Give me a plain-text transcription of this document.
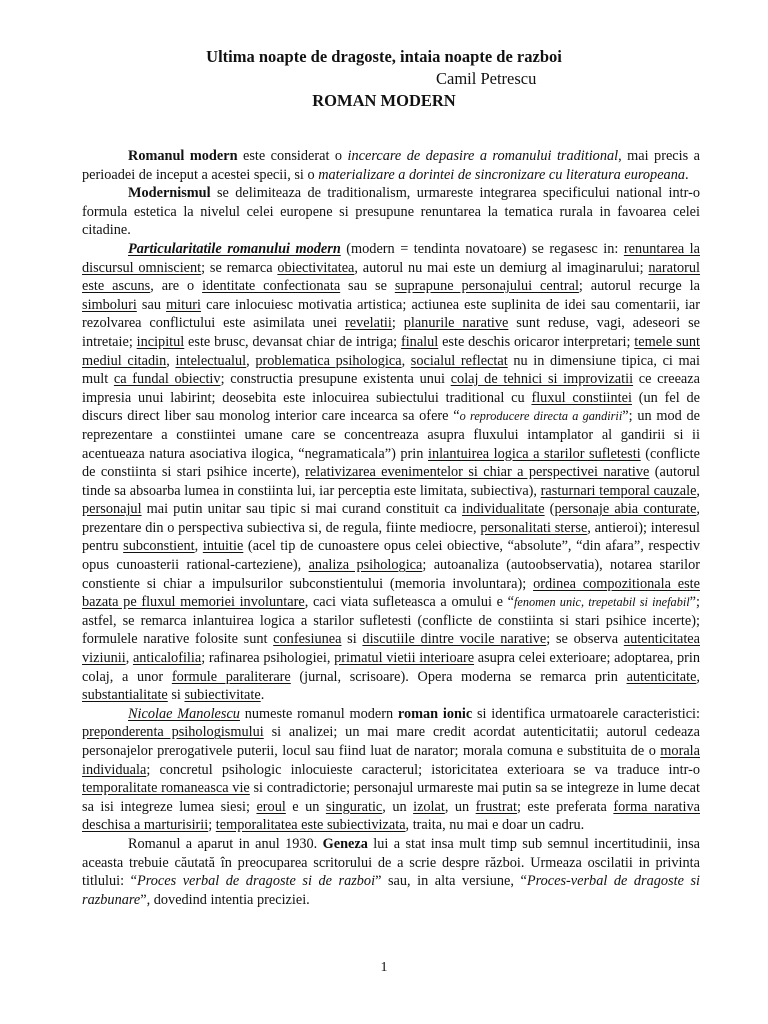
Ultima noapte de dragoste, intaia noapte de razboi
Camil Petrescu
ROMAN MODERN

Romanul modern este considerat o incercare de depasire a romanului traditional, mai precis a perioadei de inceput a acestei specii, si o materializare a dorintei de sincronizare cu literatura europeana.

Modernismul se delimiteaza de traditionalism, urmareste integrarea specificului national intr-o formula estetica la nivelul celei europene si presupune renuntarea la tematica rurala in favoarea celei citadine.

Particularitatile romanului modern (modern = tendinta novatoare) se regasesc in: renuntarea la discursul omniscient; se remarca obiectivitatea, autorul nu mai este un demiurg al imaginarului; naratorul este ascuns, are o identitate confectionata sau se suprapune personajului central; autorul recurge la simboluri sau mituri care inlocuiesc motivatia artistica; actiunea este suplinita de idei sau comentarii, iar rezolvarea conflictului este asimilata unei revelatii; planurile narative sunt reduse, vagi, adeseori se intretaie; incipitul este brusc, devansat chiar de intriga; finalul este deschis oricaror interpretari; temele sunt mediul citadin, intelectualul, problematica psihologica, socialul reflectat nu in dimensiune tipica, ci mai mult ca fundal obiectiv; constructia presupune existenta unui colaj de tehnici si improvizatii ce creeaza impresia unui labirint; deosebita este inlocuirea subiectului traditional cu fluxul constiintei (un fel de discurs direct liber sau monolog interior care incearca sa ofere “o reproducere directa a gandirii”; un mod de reprezentare a constiintei umane care se concentreaza asupra fluxului intamplator al gandirii si ii acentueaza natura asociativa ilogica, “negramaticala”) prin inlantuirea logica a starilor sufletesti (conflicte de constiinta si stari psihice incerte), relativizarea evenimentelor si chiar a perspectivei narative (autorul tinde sa absoarba lumea in constiinta lui, iar perceptia este limitata, subiectiva), rasturnari temporal cauzale, personajul mai putin unitar sau tipic si mai curand constituit ca individualitate (personaje abia conturate, prezentare din o perspectiva subiectiva si, de regula, fiinte mediocre, personalitati sterse, antieroi); interesul pentru subconstient, intuitie (acel tip de cunoastere opus celei obiective, “absolute”, “din afara”, respectiv opus cunoasterii rational-carteziene), analiza psihologica; autoanaliza (autoobservatia), notarea starilor constiente si chiar a impulsurilor subconstientului (memoria involuntara); ordinea compozitionala este bazata pe fluxul memoriei involuntare, caci viata sufleteasca a omului e “fenomen unic, trepetabil si inefabil”; astfel, se remarca inlantuirea logica a starilor sufletesti (conflicte de constiinta si stari psihice incerte); formulele narative folosite sunt confesiunea si discutiile dintre vocile narative; se observa autenticitatea viziunii, anticalofilia; rafinarea psihologiei, primatul vietii interioare asupra celei exterioare; adoptarea, prin colaj, a unor formule paraliterare (jurnal, scrisoare). Opera moderna se remarca prin autenticitate, substantialitate si subiectivitate.

Nicolae Manolescu numeste romanul modern roman ionic si identifica urmatoarele caracteristici: preponderenta psihologismului si analizei; un mai mare credit acordat autenticitatii; autorul cedeaza personajelor prerogativele puterii, locul sau fiind luat de narator; morala comuna e substituita de o morala individuala; concretul psihologic inlocuieste caracterul; istoricitatea exterioara se va traduce intr-o temporalitate romaneasca vie si contradictorie; personajul urmareste mai putin sa se integreze in lume decat sa isi integreze lumea siesi; eroul e un singuratic, un izolat, un frustrat; este preferata forma narativa deschisa a marturisirii; temporalitatea este subiectivizata, traita, nu mai e doar un cadru.

Romanul a aparut in anul 1930. Geneza lui a stat insa mult timp sub semnul incertitudinii, insa aceasta trebuie căutată în preocuparea scritorului de a scrie despre război. Urmeaza oscilatii in privinta titlului: “Proces verbal de dragoste si de razboi” sau, in alta versiune, “Proces-verbal de dragoste si razbunare”, dovedind intentia preciziei.

1
